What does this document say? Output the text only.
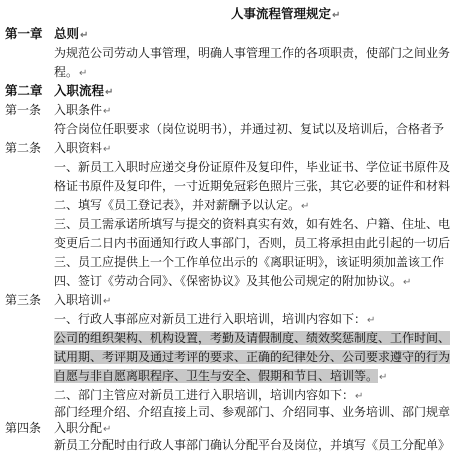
人事流程管理规定↵
第一章 总则↵
为规范公司劳动人事管理，明确人事管理工作的各项职责，使部门之间业务
程。↵
第二章 入职流程↵
第一条 入职条件↵
符合岗位任职要求（岗位说明书），并通过初、复试以及培训后，合格者予
第二条 入职资料↵
一、新员工入职时应递交身份证原件及复印件，毕业证书、学位证书原件及
格证书原件及复印件，一寸近期免冠彩色照片三张，其它必要的证件和材料
二、填写《员工登记表》，并对薪酬予以认定。↵
三、员工需承诺所填写与提交的资料真实有效，如有姓名、户籍、住址、电
变更后二日内书面通知行政人事部门，否则，员工将承担由此引起的一切后
三、员工应提供上一个工作单位出示的《离职证明》，该证明须加盖该工作
四、签订《劳动合同》、《保密协议》及其他公司规定的附加协议。↵
第三条 入职培训↵
一、行政人事部应对新员工进行入职培训，培训内容如下：↵
公司的组织架构、机构设置，考勤及请假制度、绩效奖惩制度、工作时间、
试用期、考评期及通过考评的要求、正确的纪律处分、公司要求遵守的行为
自愿与非自愿离职程序、卫生与安全、假期和节日、培训等。↵
二、部门主管应对新员工进行入职培训，培训内容如下：↵
部门经理介绍、介绍直接上司、参观部门、介绍同事、业务培训、部门规章
第四条 入职分配↵
新员工分配时由行政人事部门确认分配平台及岗位，并填写《员工分配单》
